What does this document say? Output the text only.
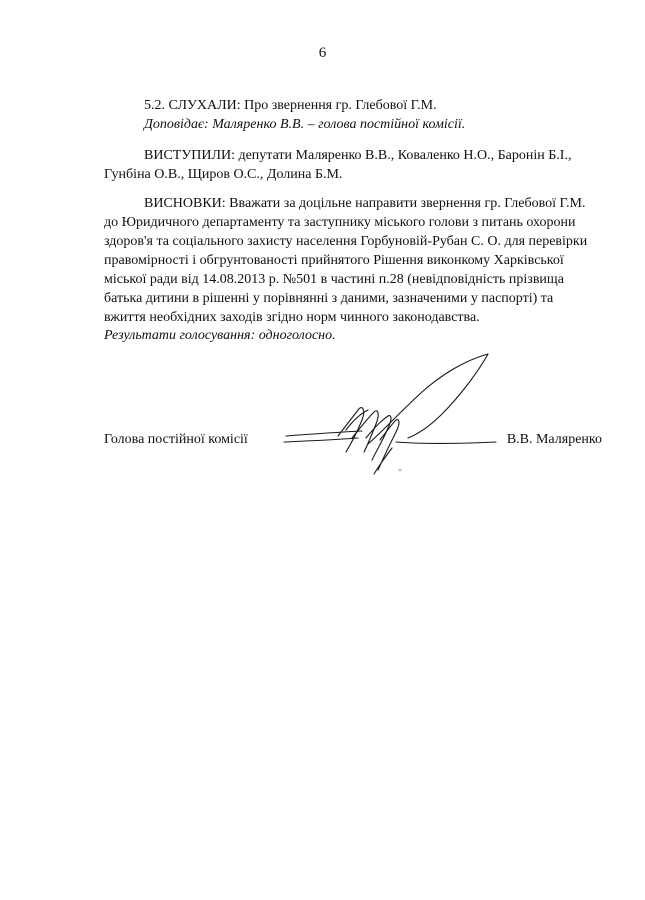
6
5.2. СЛУХАЛИ: Про звернення гр. Глебової Г.М.
Доповідає: Маляренко В.В. – голова постійної комісії.
ВИСТУПИЛИ: депутати Маляренко В.В., Коваленко Н.О., Баронін Б.І.,
Гунбіна О.В., Щиров О.С., Долина Б.М.
ВИСНОВКИ: Вважати за доцільне направити звернення гр. Глебової Г.М.
до Юридичного департаменту та заступнику міського голови з питань охорони
здоров'я та соціального захисту населення Горбуновій-Рубан С. О. для перевірки
правомірності і обгрунтованості прийнятого Рішення виконкому Харківської
міської ради від 14.08.2013 р. №501 в частині п.28 (невідповідність прізвища
батька дитини в рішенні у порівнянні з даними, зазначеними у паспорті) та
вжиття необхідних заходів згідно норм чинного законодавства.
Результати голосування: одноголосно.
Голова постійної комісії	В.В. Маляренко
